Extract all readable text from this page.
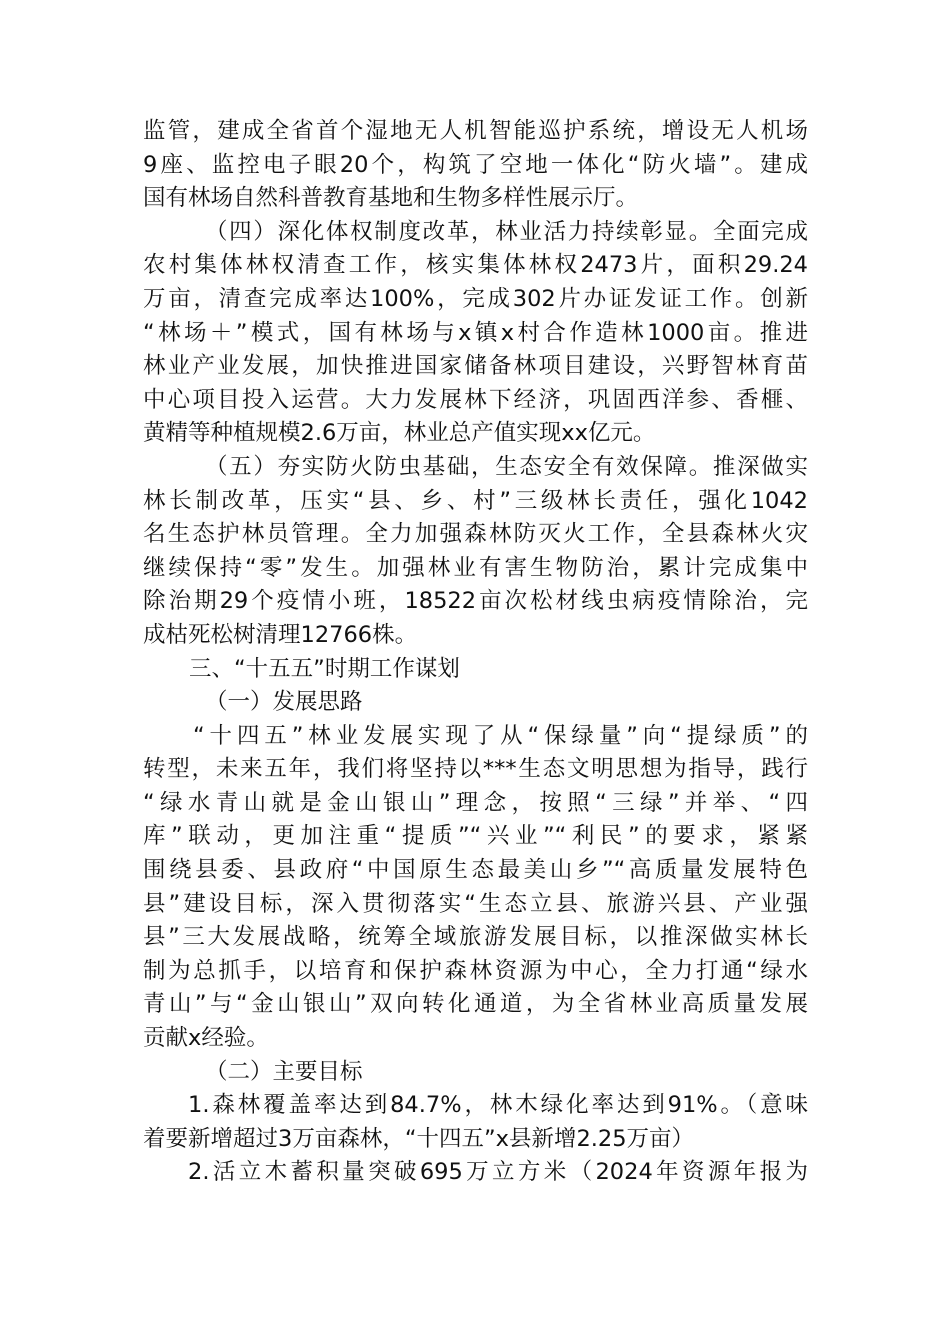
监管，建成全省首个湿地无人机智能巡护系统，增设无人机场
9座、监控电子眼20个，构筑了空地一体化“防火墙”。建成
国有林场自然科普教育基地和生物多样性展示厅。
（四）深化体权制度改革，林业活力持续彰显。全面完成
农村集体林权清查工作，核实集体林权2473片，面积29.24
万亩，清查完成率达100%，完成302片办证发证工作。创新
“林场＋”模式，国有林场与x镇x村合作造林1000亩。推进
林业产业发展，加快推进国家储备林项目建设，兴野智林育苗
中心项目投入运营。大力发展林下经济，巩固西洋参、香榧、
黄精等种植规模2.6万亩，林业总产值实现xx亿元。
（五）夯实防火防虫基础，生态安全有效保障。推深做实
林长制改革，压实“县、乡、村”三级林长责任，强化1042
名生态护林员管理。全力加强森林防灭火工作，全县森林火灾
继续保持“零”发生。加强林业有害生物防治，累计完成集中
除治期29个疫情小班，18522亩次松材线虫病疫情除治，完
成枯死松树清理12766株。
三、“十五五”时期工作谋划
（一）发展思路
“十四五”林业发展实现了从“保绿量”向“提绿质”的
转型，未来五年，我们将坚持以***生态文明思想为指导，践行
“绿水青山就是金山银山”理念，按照“三绿”并举、“四
库”联动，更加注重“提质”“兴业”“利民”的要求，紧紧
围绕县委、县政府“中国原生态最美山乡”“高质量发展特色
县”建设目标，深入贯彻落实“生态立县、旅游兴县、产业强
县”三大发展战略，统筹全域旅游发展目标，以推深做实林长
制为总抓手，以培育和保护森林资源为中心，全力打通“绿水
青山”与“金山银山”双向转化通道，为全省林业高质量发展
贡献x经验。
（二）主要目标
1.森林覆盖率达到84.7%，林木绿化率达到91%。（意味
着要新增超过3万亩森林，“十四五”x县新增2.25万亩）
2.活立木蓄积量突破695万立方米（2024年资源年报为
